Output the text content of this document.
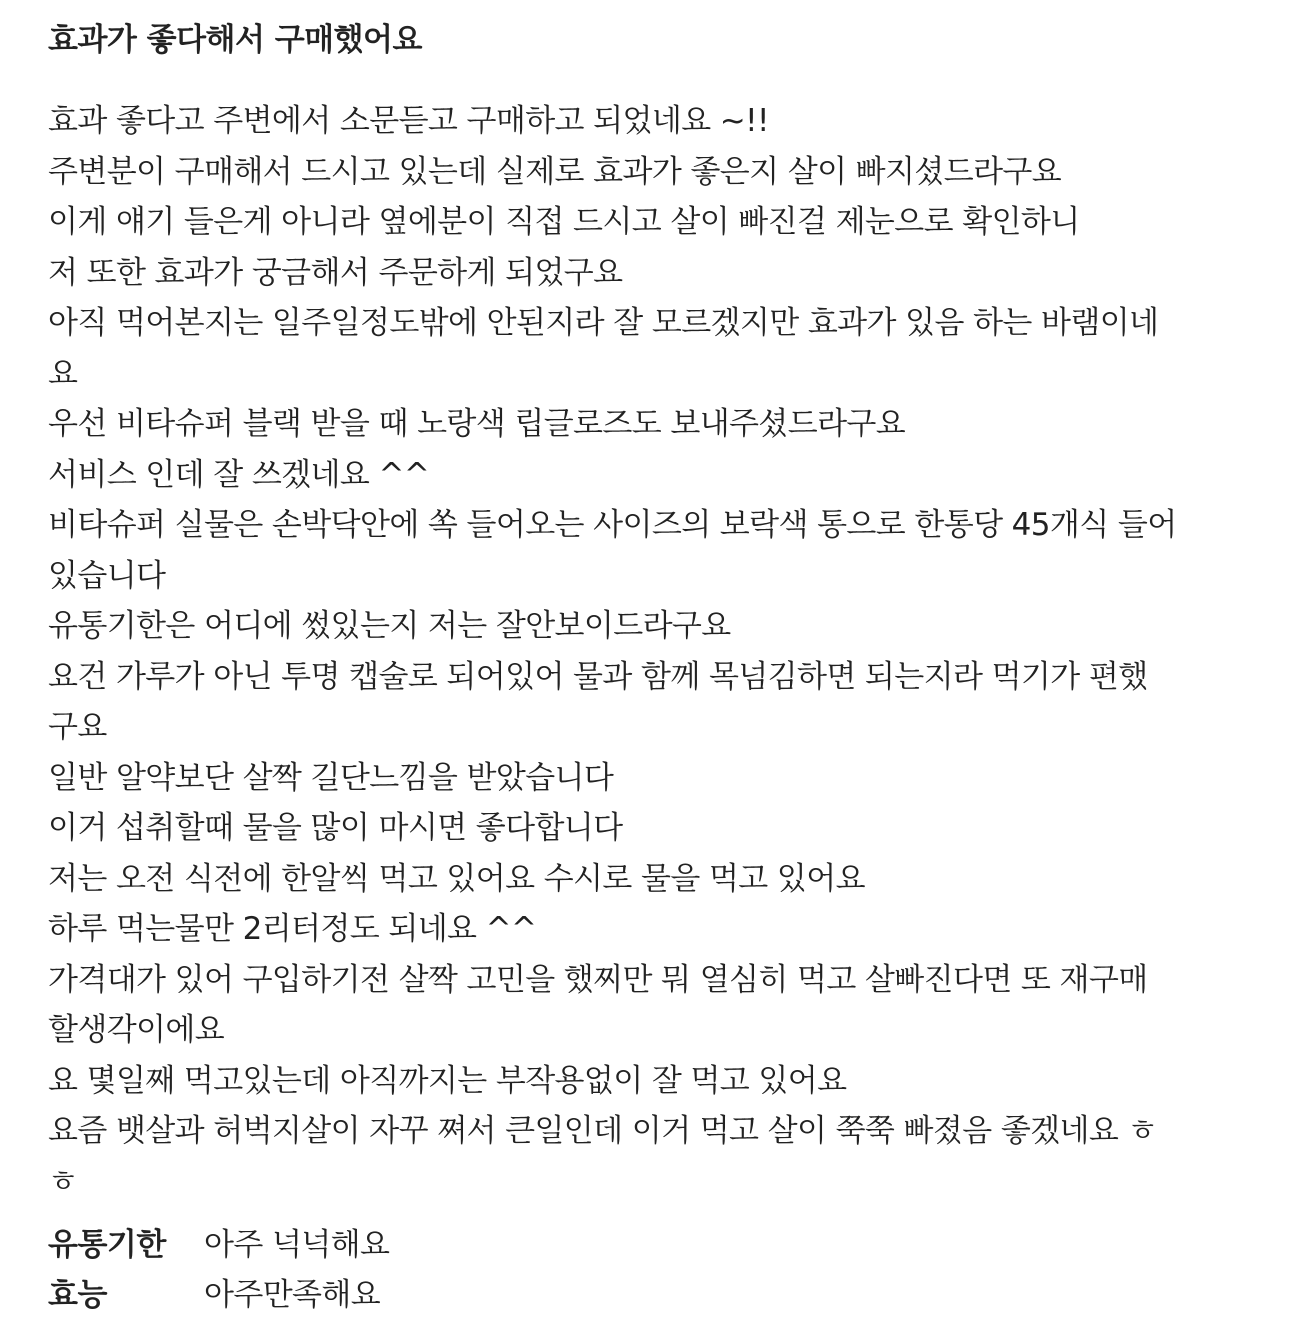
효과가 좋다해서 구매했어요
효과 좋다고 주변에서 소문듣고 구매하고 되었네요 ~!!
주변분이 구매해서 드시고 있는데 실제로 효과가 좋은지 살이 빠지셨드라구요
이게 얘기 들은게 아니라 옆에분이 직접 드시고 살이 빠진걸 제눈으로 확인하니
저 또한 효과가 궁금해서 주문하게 되었구요
아직 먹어본지는 일주일정도밖에 안된지라 잘 모르겠지만 효과가 있음 하는 바램이네
요
우선 비타슈퍼 블랙 받을 때 노랑색 립글로즈도 보내주셨드라구요
서비스 인데 잘 쓰겠네요 ^^
비타슈퍼 실물은 손박닥안에 쏙 들어오는 사이즈의 보락색 통으로 한통당 45개식 들어
있습니다
유통기한은 어디에 썼있는지 저는 잘안보이드라구요
요건 가루가 아닌 투명 캡술로 되어있어 물과 함께 목넘김하면 되는지라 먹기가 편했
구요
일반 알약보단 살짝 길단느낌을 받았습니다
이거 섭취할때 물을 많이 마시면 좋다합니다
저는 오전 식전에 한알씩 먹고 있어요 수시로 물을 먹고 있어요
하루 먹는물만 2리터정도 되네요 ^^
가격대가 있어 구입하기전 살짝 고민을 했찌만 뭐 열심히 먹고 살빠진다면 또 재구매
할생각이에요
요 몇일째 먹고있는데 아직까지는 부작용없이 잘 먹고 있어요
요즘 뱃살과 허벅지살이 자꾸 쪄서 큰일인데 이거 먹고 살이 쭉쭉 빠졌음 좋겠네요 ㅎ
ㅎ
유통기한	아주 넉넉해요
효능	아주만족해요
